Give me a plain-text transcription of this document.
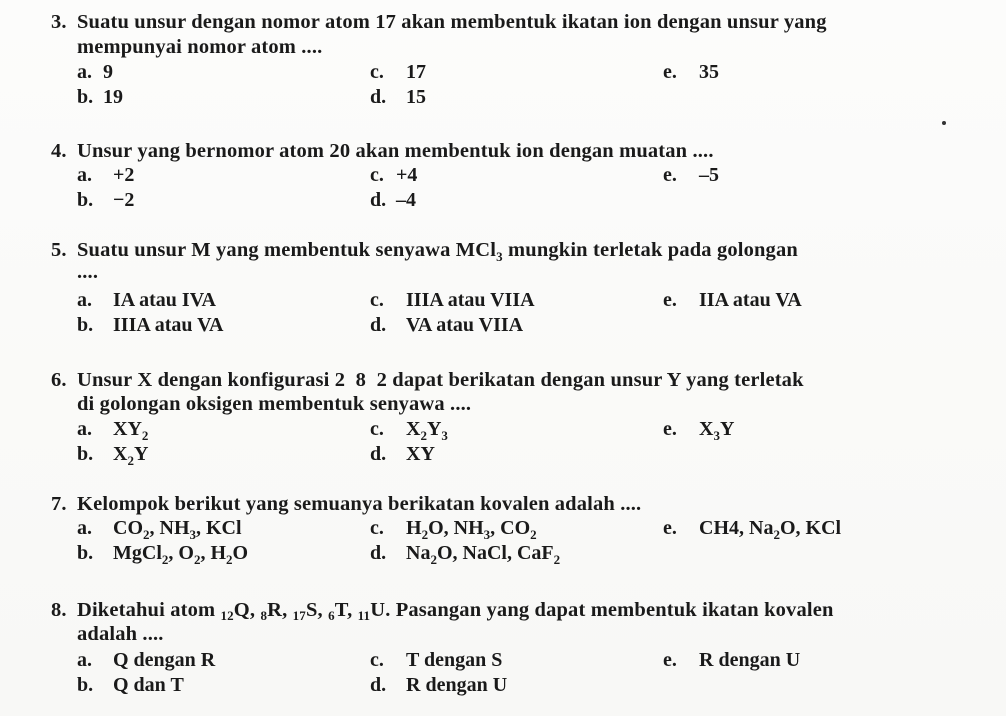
3. Suatu unsur dengan nomor atom 17 akan membentuk ikatan ion dengan unsur yang
mempunyai nomor atom ....
a. 9
b. 19
c. 17
d. 15
e. 35
4. Unsur yang bernomor atom 20 akan membentuk ion dengan muatan ....
a. +2
b. −2
c. +4
d. –4
e. –5
5. Suatu unsur M yang membentuk senyawa MCl$_3$ mungkin terletak pada golongan
....
a. IA atau IVA
b. IIIA atau VA
c. IIIA atau VIIA
d. VA atau VIIA
e. IIA atau VA
6. Unsur X dengan konfigurasi 2  8  2 dapat berikatan dengan unsur Y yang terletak
di golongan oksigen membentuk senyawa ....
a. $XY_2$
b. $X_2Y$
c. $X_2Y_3$
d. XY
e. $X_3Y$
7. Kelompok berikut yang semuanya berikatan kovalen adalah ....
a. $CO_2$, $NH_3$, KCl
b. MgCl$_2$, $O_2$, $H_2O$
c. $H_2O$, $NH_3$, $CO_2$
d. $Na_2O$, NaCl, CaF$_2$
e. CH4, $Na_2O$, KCl
8. Diketahui atom 12Q, 8R, 17S, 6T, 11U. Pasangan yang dapat membentuk ikatan kovalen
adalah ....
a. Q dengan R
b. Q dan T
c. T dengan S
d. R dengan U
e. R dengan U
